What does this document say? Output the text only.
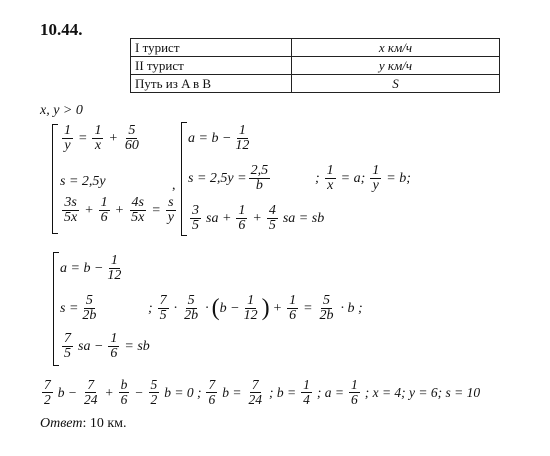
10.44.
I турист	x км/ч
II турист	y км/ч
Путь из A в B	S
x, y > 0
$\frac{1}{y} = \frac{1}{x} + \frac{5}{60}$
s = 2,5y
$\frac{3s}{5x} + \frac{1}{6} + \frac{4s}{5x} = \frac{s}{y}$
,
$a = b - \frac{1}{12}$
$s = 2,5y = \frac{2,5}{b}$
$\frac{3}{5}$ sa + $\frac{1}{6} + \frac{4}{5}$ sa = sb
; $\frac{1}{x} = a$; $\frac{1}{y} = b$;
$a = b - \frac{1}{12}$
$s = \frac{5}{2b}$
$\frac{7}{5}$ sa − $\frac{1}{6}$ = sb
; $\frac{7}{5} \cdot \frac{5}{2b}$ · ( $b - \frac{1}{12}$ ) + $\frac{1}{6} = \frac{5}{2b} \cdot b$ ;
$\frac{7}{2}$ $b - \frac{7}{24} + \frac{b}{6} - \frac{5}{2}$ b = 0 ; $\frac{7}{6}$ $b = \frac{7}{24}$ ; $b = \frac{1}{4}$ ; $a = \frac{1}{6}$ ; x = 4; y = 6; s = 10
Ответ: 10 км.
